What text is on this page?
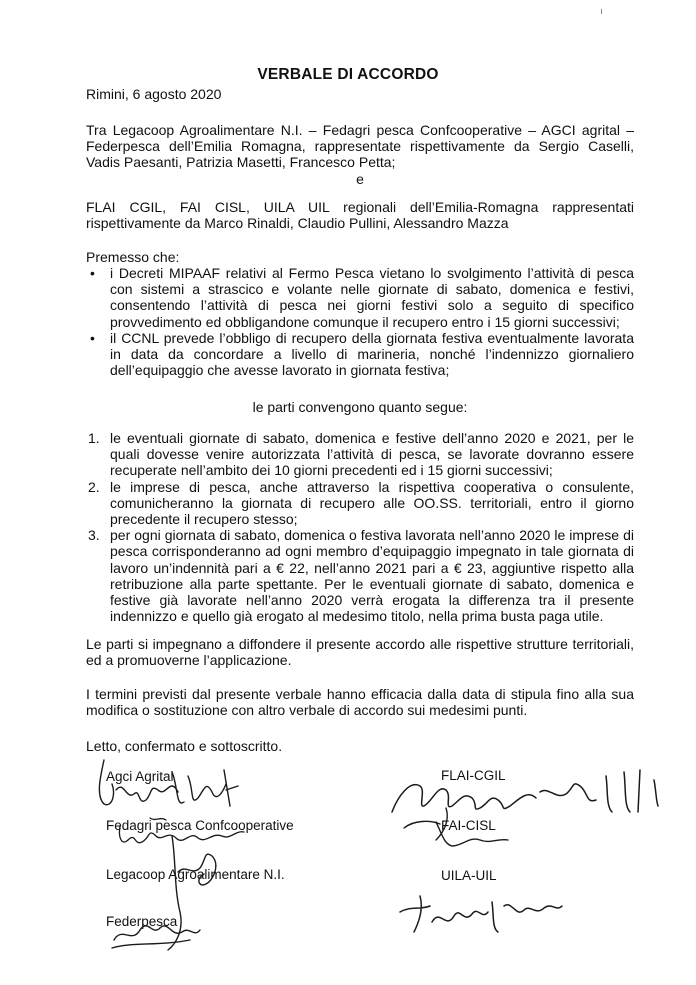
VERBALE DI ACCORDO
Rimini, 6 agosto 2020
Tra Legacoop Agroalimentare N.I. – Fedagri pesca Confcooperative – AGCI agrital – Federpesca dell’Emilia Romagna, rappresentate rispettivamente da Sergio Caselli, Vadis Paesanti, Patrizia Masetti, Francesco Petta;
e
FLAI CGIL, FAI CISL, UILA UIL regionali dell’Emilia-Romagna rappresentati rispettivamente da Marco Rinaldi, Claudio Pullini, Alessandro Mazza
Premesso che:
• i Decreti MIPAAF relativi al Fermo Pesca vietano lo svolgimento l’attività di pesca con sistemi a strascico e volante nelle giornate di sabato, domenica e festivi, consentendo l’attività di pesca nei giorni festivi solo a seguito di specifico provvedimento ed obbligandone comunque il recupero entro i 15 giorni successivi;
• il CCNL prevede l’obbligo di recupero della giornata festiva eventualmente lavorata in data da concordare a livello di marineria, nonché l’indennizzo giornaliero dell’equipaggio che avesse lavorato in giornata festiva;
le parti convengono quanto segue:
1. le eventuali giornate di sabato, domenica e festive dell’anno 2020 e 2021, per le quali dovesse venire autorizzata l’attività di pesca, se lavorate dovranno essere recuperate nell’ambito dei 10 giorni precedenti ed i 15 giorni successivi;
2. le imprese di pesca, anche attraverso la rispettiva cooperativa o consulente, comunicheranno la giornata di recupero alle OO.SS. territoriali, entro il giorno precedente il recupero stesso;
3. per ogni giornata di sabato, domenica o festiva lavorata nell’anno 2020 le imprese di pesca corrisponderanno ad ogni membro d’equipaggio impegnato in tale giornata di lavoro un’indennità pari a € 22, nell’anno 2021 pari a € 23, aggiuntive rispetto alla retribuzione alla parte spettante. Per le eventuali giornate di sabato, domenica e festive già lavorate nell’anno 2020 verrà erogata la differenza tra il presente indennizzo e quello già erogato al medesimo titolo, nella prima busta paga utile.
Le parti si impegnano a diffondere il presente accordo alle rispettive strutture territoriali, ed a promuoverne l’applicazione.
I termini previsti dal presente verbale hanno efficacia dalla data di stipula fino alla sua modifica o sostituzione con altro verbale di accordo sui medesimi punti.
Letto, confermato e sottoscritto.
Agci Agrital
Fedagri pesca Confcooperative
Legacoop Agroalimentare N.I.
Federpesca
FLAI-CGIL
FAI-CISL
UILA-UIL
